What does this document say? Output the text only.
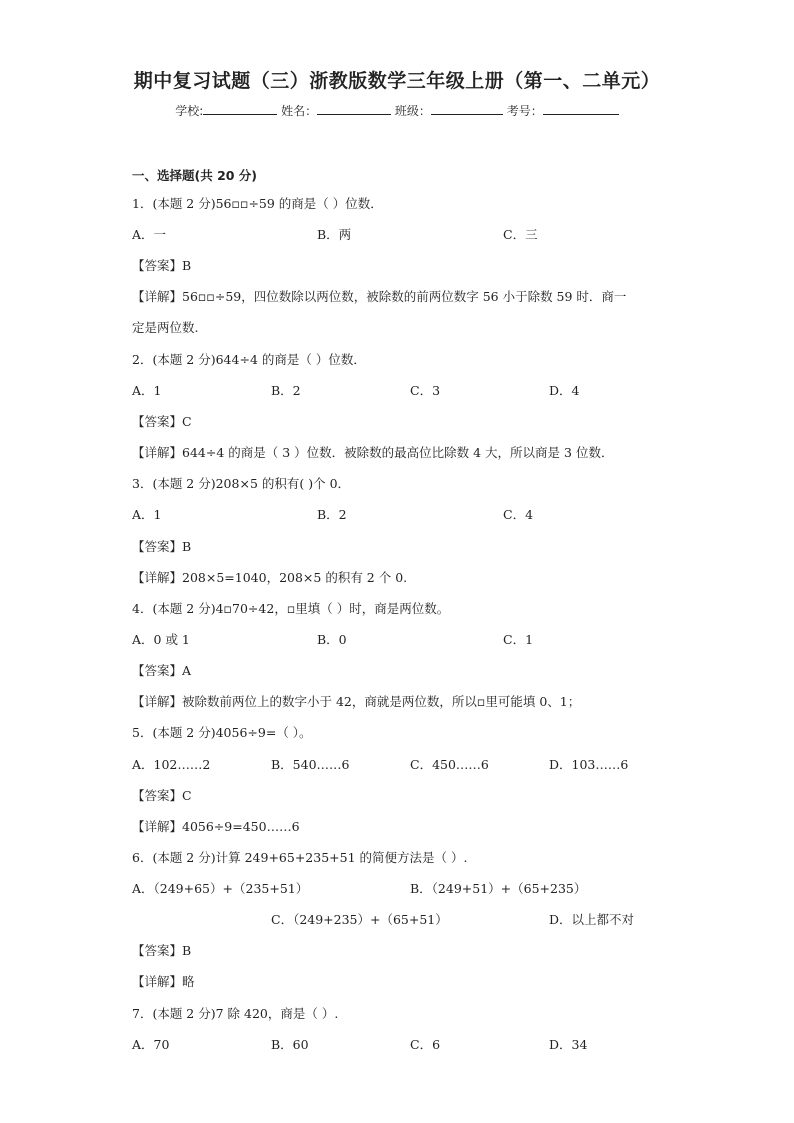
期中复习试题（三）浙教版数学三年级上册（第一、二单元）
学校:	姓名：	班级：	考号：
一、选择题(共 20 分)
1．(本题 2 分)56▫▫÷59 的商是（ ）位数．
A．一	B．两	C．三
【答案】B
【详解】56▫▫÷59，四位数除以两位数，被除数的前两位数字 56 小于除数 59 时．商一
定是两位数.
2．(本题 2 分)644÷4 的商是（ ）位数．
A．1	B．2	C．3	D．4
【答案】C
【详解】644÷4 的商是（ 3 ）位数．被除数的最高位比除数 4 大，所以商是 3 位数．
3．(本题 2 分)208×5 的积有( )个 0．
A．1	B．2	C．4
【答案】B
【详解】208×5=1040，208×5 的积有 2 个 0.
4．(本题 2 分)4▫70÷42，▫里填（ ）时，商是两位数。
A．0 或 1	B．0	C．1
【答案】A
【详解】被除数前两位上的数字小于 42，商就是两位数，所以▫里可能填 0、1；
5．(本题 2 分)4056÷9=（ ）。
A．102……2	B．540……6	C．450……6	D．103……6
【答案】C
【详解】4056÷9=450……6
6．(本题 2 分)计算 249+65+235+51 的简便方法是（ ）.
A．（249+65）+（235+51）	B．（249+51）+（65+235）
C．（249+235）+（65+51）	D．以上都不对
【答案】B
【详解】略
7．(本题 2 分)7 除 420，商是（ ）.
A．70	B．60	C．6	D．34
